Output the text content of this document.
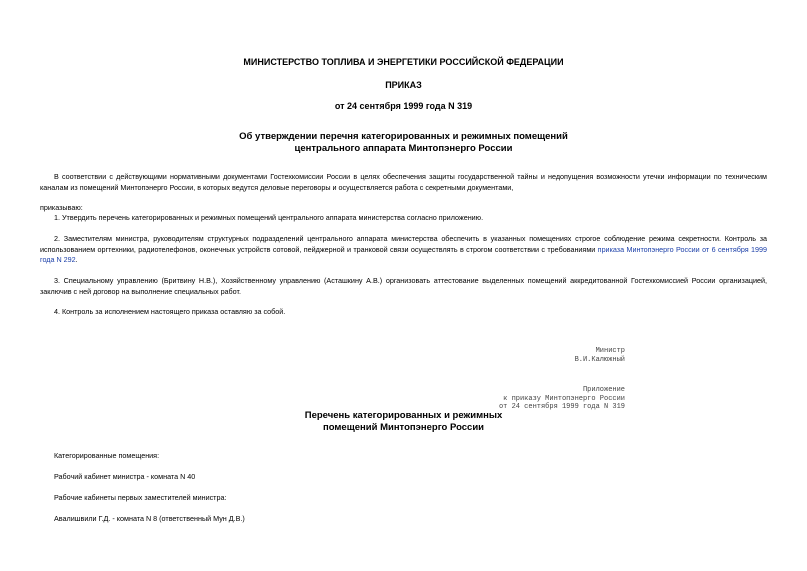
МИНИСТЕРСТВО ТОПЛИВА И ЭНЕРГЕТИКИ РОССИЙСКОЙ ФЕДЕРАЦИИ

ПРИКАЗ

от 24 сентября 1999 года N 319

Об утверждении перечня категорированных и режимных помещений
центрального аппарата Минтопэнерго России

В соответствии с действующими нормативными документами Гостехкомиссии России в целях обеспечения защиты государственной тайны и недопущения возможности утечки информации по техническим каналам из помещений Минтопэнерго России, в которых ведутся деловые переговоры и осуществляется работа с секретными документами,

приказываю:

1. Утвердить перечень категорированных и режимных помещений центрального аппарата министерства согласно приложению.

2. Заместителям министра, руководителям структурных подразделений центрального аппарата министерства обеспечить в указанных помещениях строгое соблюдение режима секретности. Контроль за использованием оргтехники, радиотелефонов, оконечных устройств сотовой, пейджерной и транковой связи осуществлять в строгом соответствии с требованиями приказа Минтопэнерго России от 6 сентября 1999 года N 292.

3. Специальному управлению (Бритвину Н.В.), Хозяйственному управлению (Асташкину А.В.) организовать аттестование выделенных помещений аккредитованной Гостехкомиссией России организацией, заключив с ней договор на выполнение специальных работ.

4. Контроль за исполнением настоящего приказа оставляю за собой.

Министр
В.И.Калюжный
Приложение
к приказу Минтопэнерго России
от 24 сентября 1999 года N 319
Перечень категорированных и режимных
помещений Минтопэнерго России

Категорированные помещения:

Рабочий кабинет министра - комната N 40

Рабочие кабинеты первых заместителей министра:

Авалишвили Г.Д. - комната N 8 (ответственный Мун Д.В.)
